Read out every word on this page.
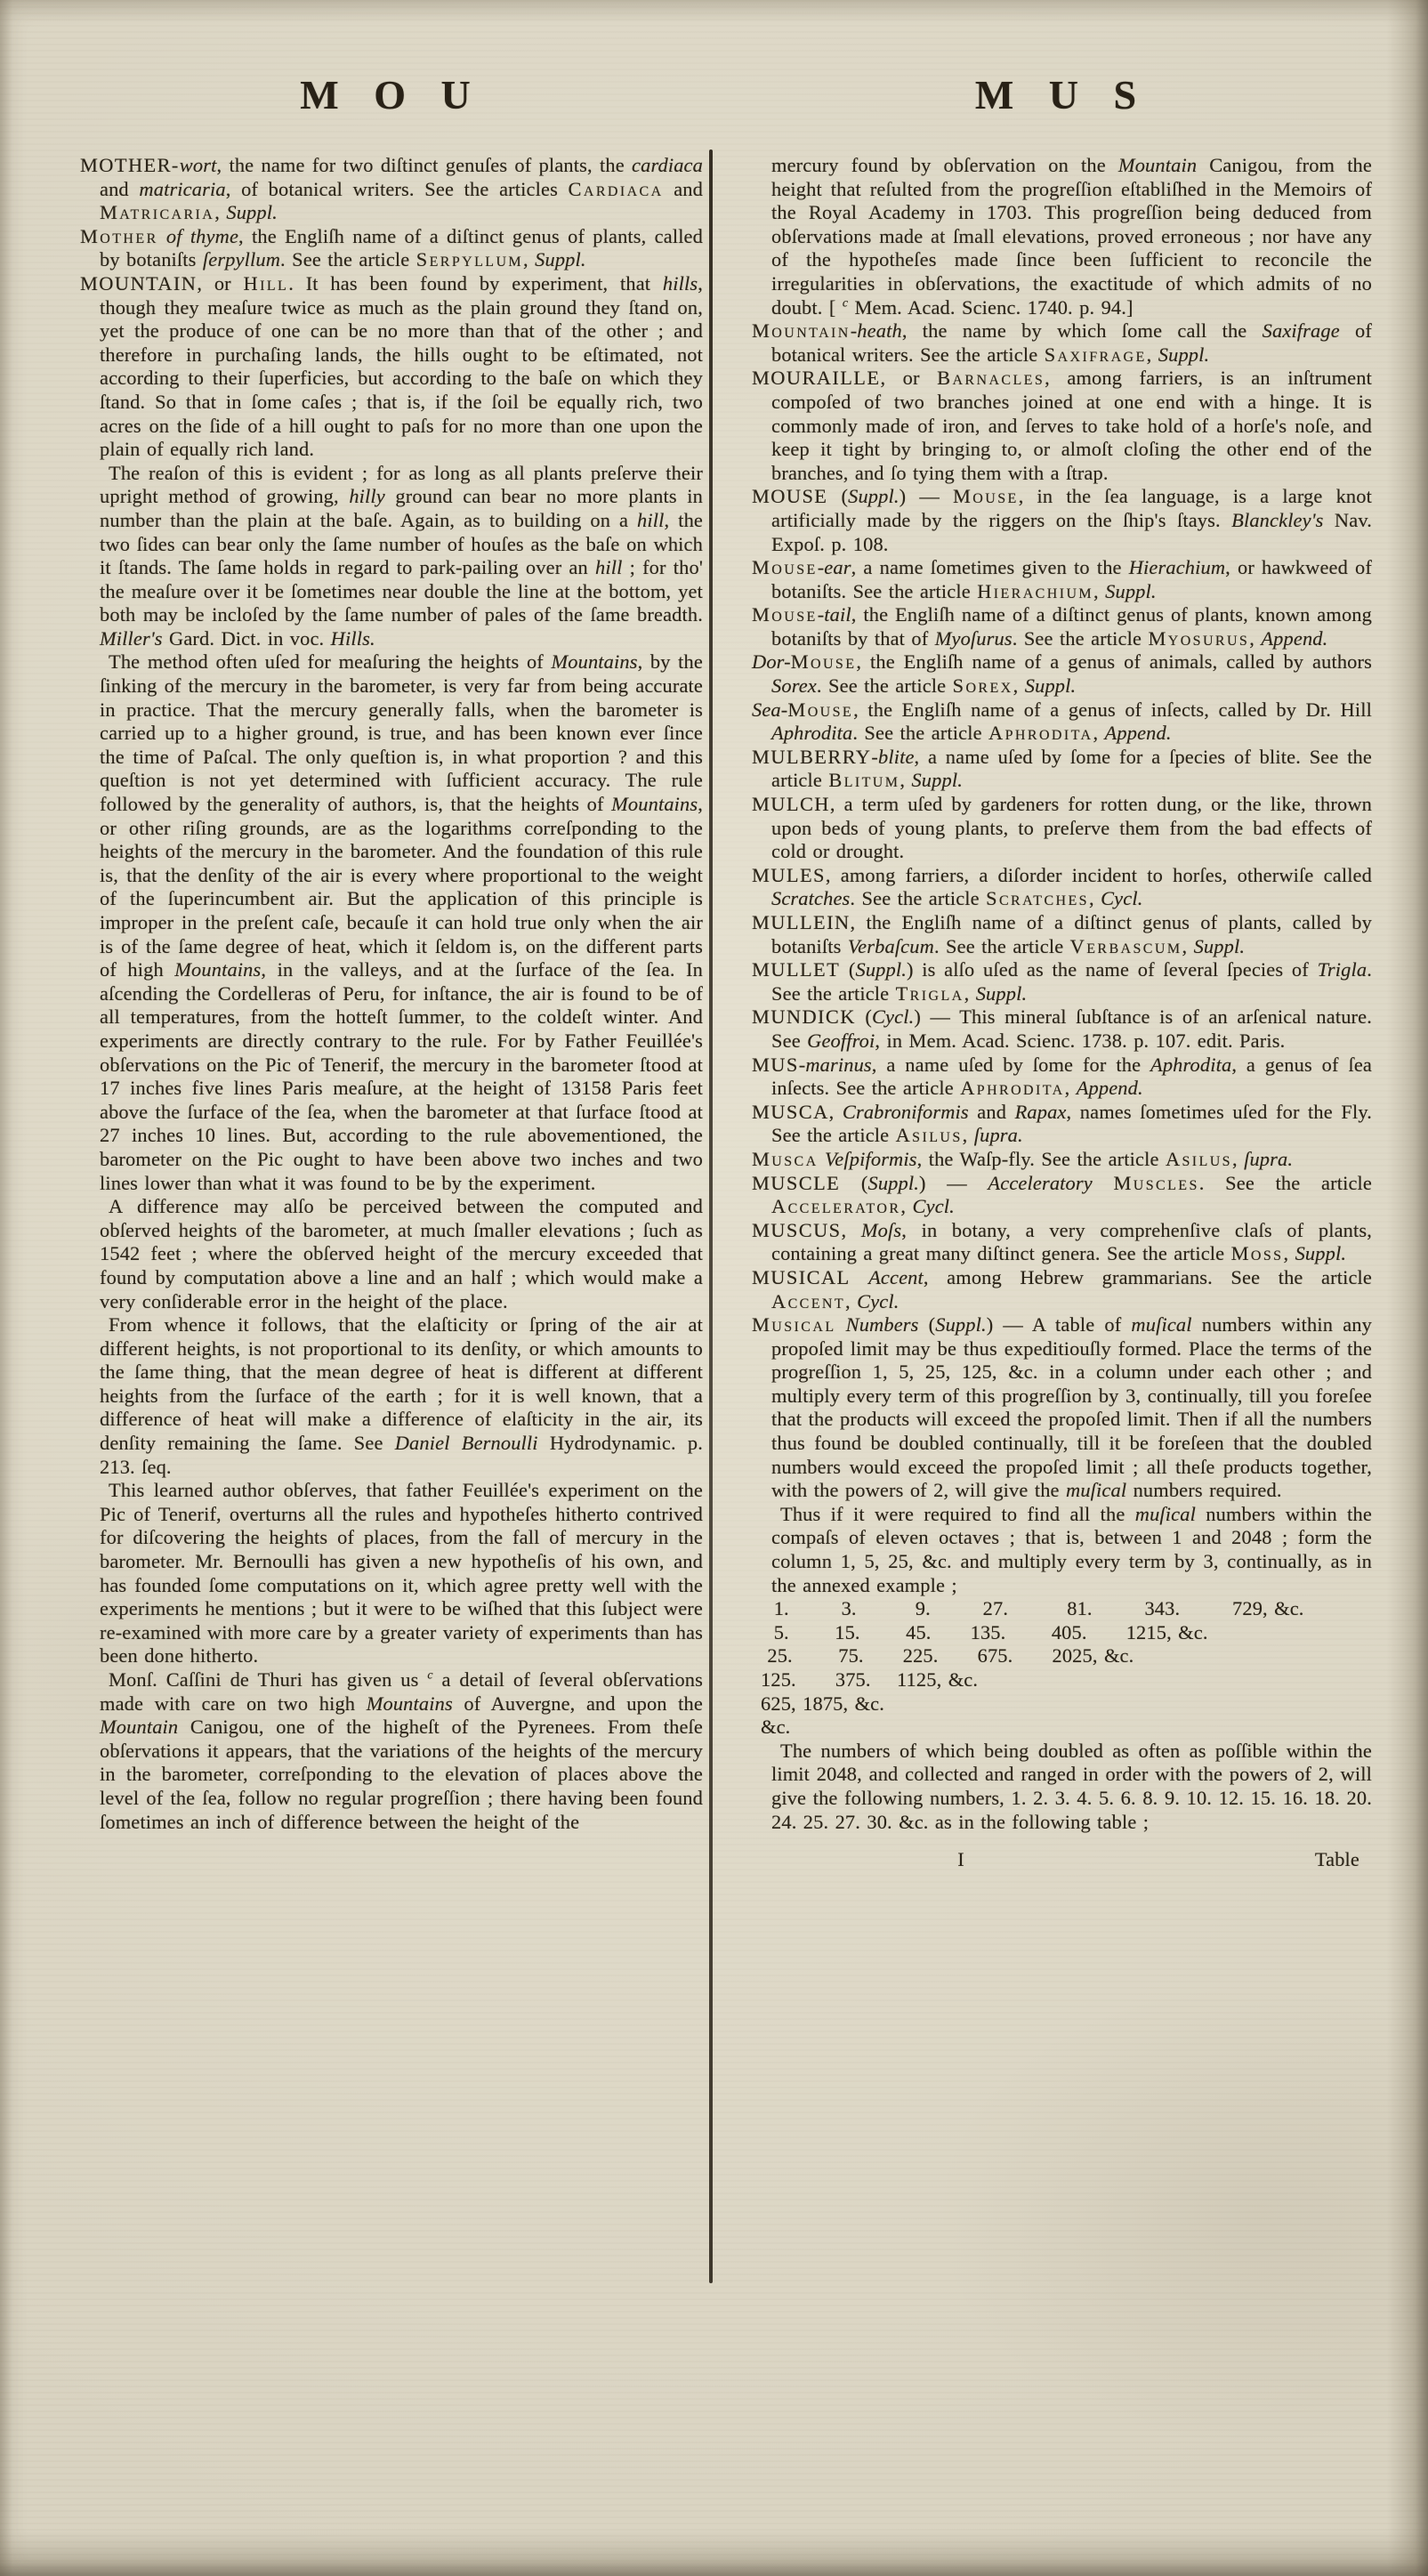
M O U

MOTHER-wort, the name for two diſtinct genuſes of plants, the cardiaca and matricaria, of botanical writers. See the articles Cardiaca and Matricaria, Suppl.

Mother of thyme, the Engliſh name of a diſtinct genus of plants, called by botaniſts ſerpyllum. See the article Serpyllum, Suppl.

MOUNTAIN, or Hill. It has been found by experiment, that hills, though they meaſure twice as much as the plain ground they ſtand on, yet the produce of one can be no more than that of the other ; and therefore in purchaſing lands, the hills ought to be eſtimated, not according to their ſuperficies, but according to the baſe on which they ſtand. So that in ſome caſes ; that is, if the ſoil be equally rich, two acres on the ſide of a hill ought to paſs for no more than one upon the plain of equally rich land.

The reaſon of this is evident ; for as long as all plants preſerve their upright method of growing, hilly ground can bear no more plants in number than the plain at the baſe. Again, as to building on a hill, the two ſides can bear only the ſame number of houſes as the baſe on which it ſtands. The ſame holds in regard to park-pailing over an hill ; for tho' the meaſure over it be ſometimes near double the line at the bottom, yet both may be incloſed by the ſame number of pales of the ſame breadth. Miller's Gard. Dict. in voc. Hills.

The method often uſed for meaſuring the heights of Mountains, by the ſinking of the mercury in the barometer, is very far from being accurate in practice. That the mercury generally falls, when the barometer is carried up to a higher ground, is true, and has been known ever ſince the time of Paſcal. The only queſtion is, in what proportion ? and this queſtion is not yet determined with ſufficient accuracy. The rule followed by the generality of authors, is, that the heights of Mountains, or other riſing grounds, are as the logarithms correſponding to the heights of the mercury in the barometer. And the foundation of this rule is, that the denſity of the air is every where proportional to the weight of the ſuperincumbent air. But the application of this principle is improper in the preſent caſe, becauſe it can hold true only when the air is of the ſame degree of heat, which it ſeldom is, on the different parts of high Mountains, in the valleys, and at the ſurface of the ſea. In aſcending the Cordelleras of Peru, for inſtance, the air is found to be of all temperatures, from the hotteſt ſummer, to the coldeſt winter. And experiments are directly contrary to the rule. For by Father Feuillée's obſervations on the Pic of Tenerif, the mercury in the barometer ſtood at 17 inches five lines Paris meaſure, at the height of 13158 Paris feet above the ſurface of the ſea, when the barometer at that ſurface ſtood at 27 inches 10 lines. But, according to the rule abovementioned, the barometer on the Pic ought to have been above two inches and two lines lower than what it was found to be by the experiment.

A difference may alſo be perceived between the computed and obſerved heights of the barometer, at much ſmaller elevations ; ſuch as 1542 feet ; where the obſerved height of the mercury exceeded that found by computation above a line and an half ; which would make a very conſiderable error in the height of the place.

From whence it follows, that the elaſticity or ſpring of the air at different heights, is not proportional to its denſity, or which amounts to the ſame thing, that the mean degree of heat is different at different heights from the ſurface of the earth ; for it is well known, that a difference of heat will make a difference of elaſticity in the air, its denſity remaining the ſame. See Daniel Bernoulli Hydrodynamic. p. 213. ſeq.

This learned author obſerves, that father Feuillée's experiment on the Pic of Tenerif, overturns all the rules and hypotheſes hitherto contrived for diſcovering the heights of places, from the fall of mercury in the barometer. Mr. Bernoulli has given a new hypotheſis of his own, and has founded ſome computations on it, which agree pretty well with the experiments he mentions ; but it were to be wiſhed that this ſubject were re-examined with more care by a greater variety of experiments than has been done hitherto.

Monſ. Caſſini de Thuri has given us $^c$ a detail of ſeveral obſervations made with care on two high Mountains of Auvergne, and upon the Mountain Canigou, one of the higheſt of the Pyrenees. From theſe obſervations it appears, that the variations of the heights of the mercury in the barometer, correſponding to the elevation of places above the level of the ſea, follow no regular progreſſion ; there having been found ſometimes an inch of difference between the height of the

M U S

mercury found by obſervation on the Mountain Canigou, from the height that reſulted from the progreſſion eſtabliſhed in the Memoirs of the Royal Academy in 1703. This progreſſion being deduced from obſervations made at ſmall elevations, proved erroneous ; nor have any of the hypotheſes made ſince been ſufficient to reconcile the irregularities in obſervations, the exactitude of which admits of no doubt. [ $^c$ Mem. Acad. Scienc. 1740. p. 94.]

Mountain-heath, the name by which ſome call the Saxifrage of botanical writers. See the article Saxifrage, Suppl.

MOURAILLE, or Barnacles, among farriers, is an inſtrument compoſed of two branches joined at one end with a hinge. It is commonly made of iron, and ſerves to take hold of a horſe's noſe, and keep it tight by bringing to, or almoſt cloſing the other end of the branches, and ſo tying them with a ſtrap.

MOUSE (Suppl.) — Mouse, in the ſea language, is a large knot artificially made by the riggers on the ſhip's ſtays. Blanckley's Nav. Expoſ. p. 108.

Mouse-ear, a name ſometimes given to the Hierachium, or hawkweed of botaniſts. See the article Hierachium, Suppl.

Mouse-tail, the Engliſh name of a diſtinct genus of plants, known among botaniſts by that of Myoſurus. See the article Myosurus, Append.

Dor-Mouse, the Engliſh name of a genus of animals, called by authors Sorex. See the article Sorex, Suppl.

Sea-Mouse, the Engliſh name of a genus of inſects, called by Dr. Hill Aphrodita. See the article Aphrodita, Append.

MULBERRY-blite, a name uſed by ſome for a ſpecies of blite. See the article Blitum, Suppl.

MULCH, a term uſed by gardeners for rotten dung, or the like, thrown upon beds of young plants, to preſerve them from the bad effects of cold or drought.

MULES, among farriers, a diſorder incident to horſes, otherwiſe called Scratches. See the article Scratches, Cycl.

MULLEIN, the Engliſh name of a diſtinct genus of plants, called by botaniſts Verbaſcum. See the article Verbascum, Suppl.

MULLET (Suppl.) is alſo uſed as the name of ſeveral ſpecies of Trigla. See the article Trigla, Suppl.

MUNDICK (Cycl.) — This mineral ſubſtance is of an arſenical nature. See Geoffroi, in Mem. Acad. Scienc. 1738. p. 107. edit. Paris.

MUS-marinus, a name uſed by ſome for the Aphrodita, a genus of ſea inſects. See the article Aphrodita, Append.

MUSCA, Crabroniformis and Rapax, names ſometimes uſed for the Fly. See the article Asilus, ſupra.

Musca Veſpiformis, the Waſp-fly. See the article Asilus, ſupra.

MUSCLE (Suppl.) — Acceleratory Muscles. See the article Accelerator, Cycl.

MUSCUS, Moſs, in botany, a very comprehenſive claſs of plants, containing a great many diſtinct genera. See the article Moss, Suppl.

MUSICAL Accent, among Hebrew grammarians. See the article Accent, Cycl.

Musical Numbers (Suppl.) — A table of muſical numbers within any propoſed limit may be thus expeditiouſly formed. Place the terms of the progreſſion 1, 5, 25, 125, &c. in a column under each other ; and multiply every term of this progreſſion by 3, continually, till you foreſee that the products will exceed the propoſed limit. Then if all the numbers thus found be doubled continually, till it be foreſeen that the doubled numbers would exceed the propoſed limit ; all theſe products together, with the powers of 2, will give the muſical numbers required.

Thus if it were required to find all the muſical numbers within the compaſs of eleven octaves ; that is, between 1 and 2048 ; form the column 1, 5, 25, &c. and multiply every term by 3, continually, as in the annexed example ;

1.        3.         9.        27.         81.        343.        729, &c.

5.       15.       45.      135.       405.      1215, &c.

25.       75.      225.      675.      2025, &c.

125.      375.    1125, &c.

625, 1875, &c.

&c.

The numbers of which being doubled as often as poſſible within the limit 2048, and collected and ranged in order with the powers of 2, will give the following numbers, 1. 2. 3. 4. 5. 6. 8. 9. 10. 12. 15. 16. 18. 20. 24. 25. 27. 30. &c. as in the following table ;

I	Table
